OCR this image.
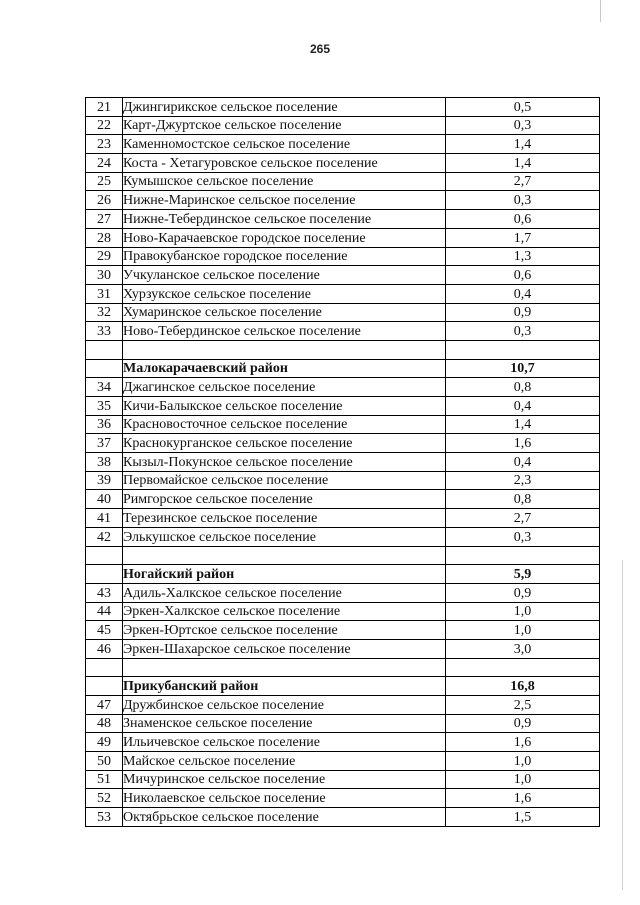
265
21	Джингирикское сельское поселение	0,5
22	Карт-Джуртское сельское поселение	0,3
23	Каменномостское сельское поселение	1,4
24	Коста - Хетагуровское сельское поселение	1,4
25	Кумышское сельское поселение	2,7
26	Нижне-Маринское сельское поселение	0,3
27	Нижне-Тебердинское сельское поселение	0,6
28	Ново-Карачаевское городское поселение	1,7
29	Правокубанское городское поселение	1,3
30	Учкуланское сельское поселение	0,6
31	Хурзукское сельское поселение	0,4
32	Хумаринское сельское поселение	0,9
33	Ново-Тебердинское сельское поселение	0,3

	Малокарачаевский район	10,7
34	Джагинское сельское поселение	0,8
35	Кичи-Балыкское сельское поселение	0,4
36	Красновосточное сельское поселение	1,4
37	Краснокурганское сельское поселение	1,6
38	Кызыл-Покунское сельское поселение	0,4
39	Первомайское сельское поселение	2,3
40	Римгорское сельское поселение	0,8
41	Терезинское сельское поселение	2,7
42	Элькушское сельское поселение	0,3

	Ногайский район	5,9
43	Адиль-Халкское сельское поселение	0,9
44	Эркен-Халкское сельское поселение	1,0
45	Эркен-Юртское сельское поселение	1,0
46	Эркен-Шахарское сельское поселение	3,0

	Прикубанский район	16,8
47	Дружбинское сельское поселение	2,5
48	Знаменское сельское поселение	0,9
49	Ильичевское сельское поселение	1,6
50	Майское сельское поселение	1,0
51	Мичуринское сельское поселение	1,0
52	Николаевское сельское поселение	1,6
53	Октябрьское сельское поселение	1,5
